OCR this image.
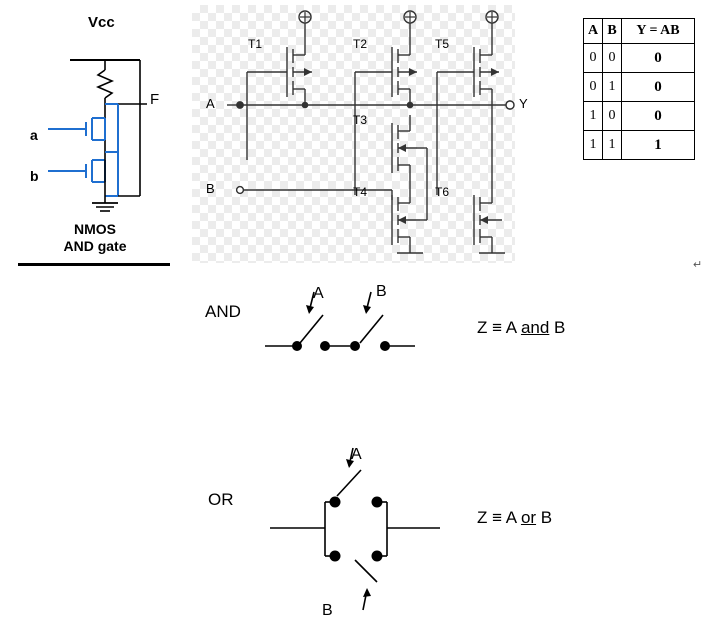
Vcc
F
a
b
NMOS
AND gate
T1	T2	T5
T3
T4	T6
A
B
Y
A	B	Y = AB
0	0	0
0	1	0
1	0	0
1	1	1
↵
AND
A	B
Z ≡ A and B
OR
A
B
Z ≡ A or B
